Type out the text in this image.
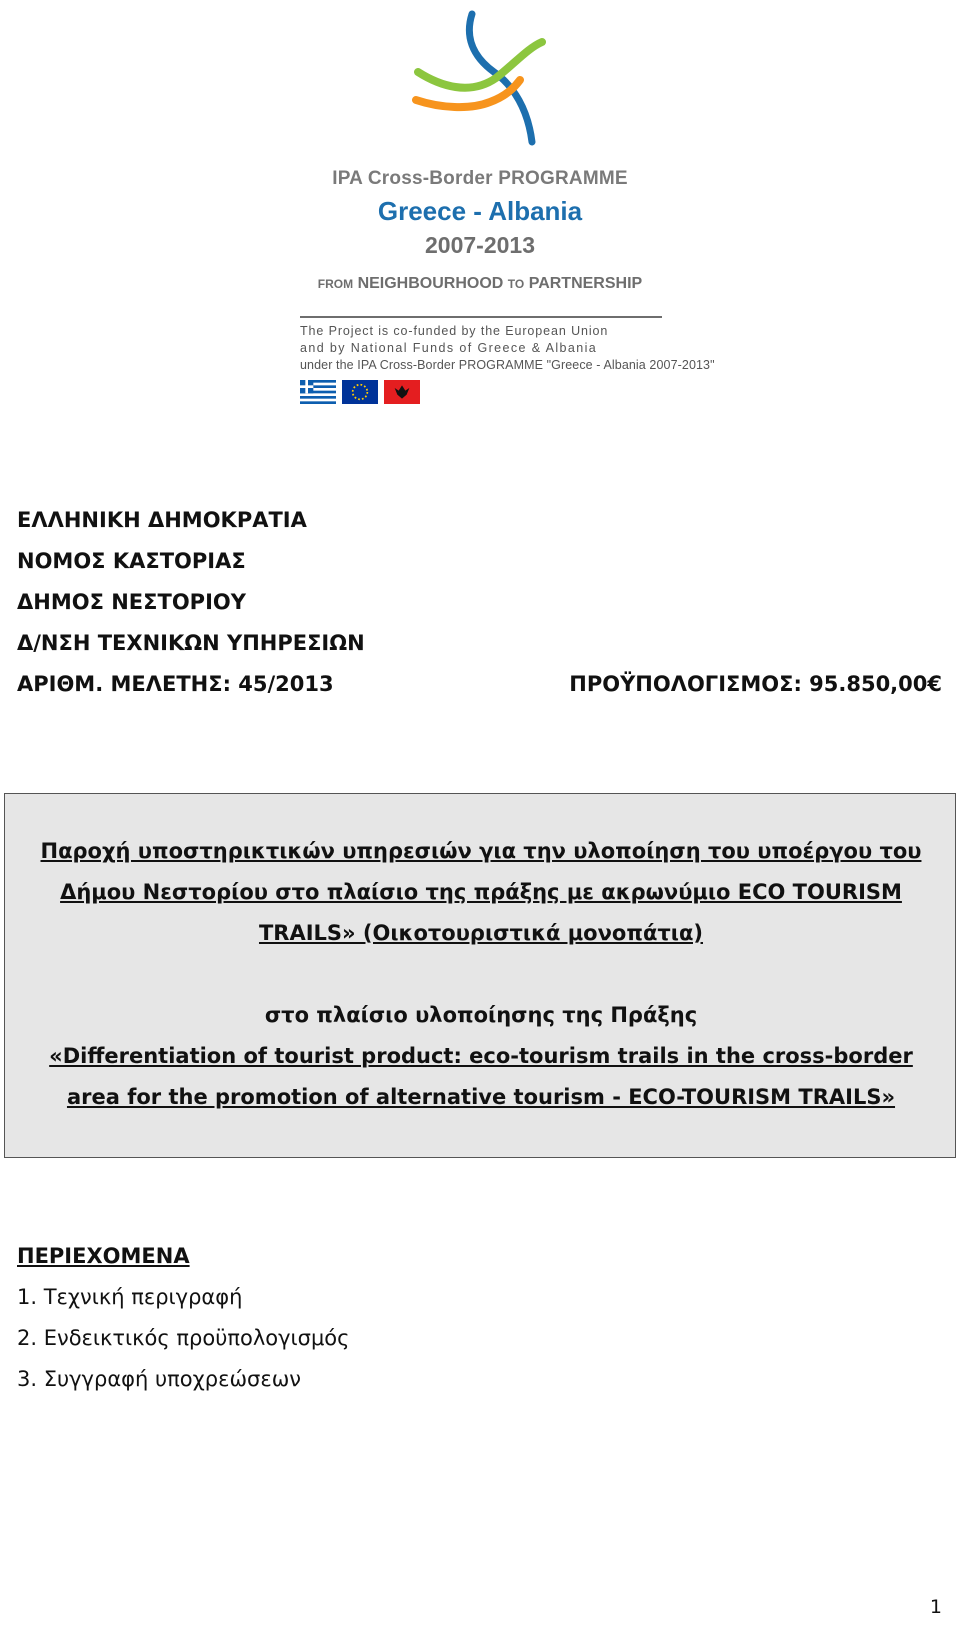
IPA Cross-Border PROGRAMME
Greece - Albania
2007-2013
FROM NEIGHBOURHOOD TO PARTNERSHIP
The Project is co-funded by the European Union
and by National Funds of Greece & Albania
under the IPA Cross-Border PROGRAMME "Greece - Albania 2007-2013"
ΕΛΛΗΝΙΚΗ ΔΗΜΟΚΡΑΤΙΑ
ΝΟΜΟΣ ΚΑΣΤΟΡΙΑΣ
ΔΗΜΟΣ ΝΕΣΤΟΡΙΟΥ
Δ/ΝΣΗ ΤΕΧΝΙΚΩΝ ΥΠΗΡΕΣΙΩΝ
ΑΡΙΘΜ. ΜΕΛΕΤΗΣ: 45/2013	ΠΡΟΫΠΟΛΟΓΙΣΜΟΣ: 95.850,00€
Παροχή υποστηρικτικών υπηρεσιών για την υλοποίηση του υποέργου του
Δήμου Νεστορίου στο πλαίσιο της πράξης με ακρωνύμιο ECO TOURISM
TRAILS» (Οικοτουριστικά μονοπάτια)
στο πλαίσιο υλοποίησης της Πράξης
«Differentiation of tourist product: eco-tourism trails in the cross-border
area for the promotion of alternative tourism - ECO-TOURISM TRAILS»
ΠΕΡΙΕΧΟΜΕΝΑ
1. Τεχνική περιγραφή
2. Ενδεικτικός προϋπολογισμός
3. Συγγραφή υποχρεώσεων
1
